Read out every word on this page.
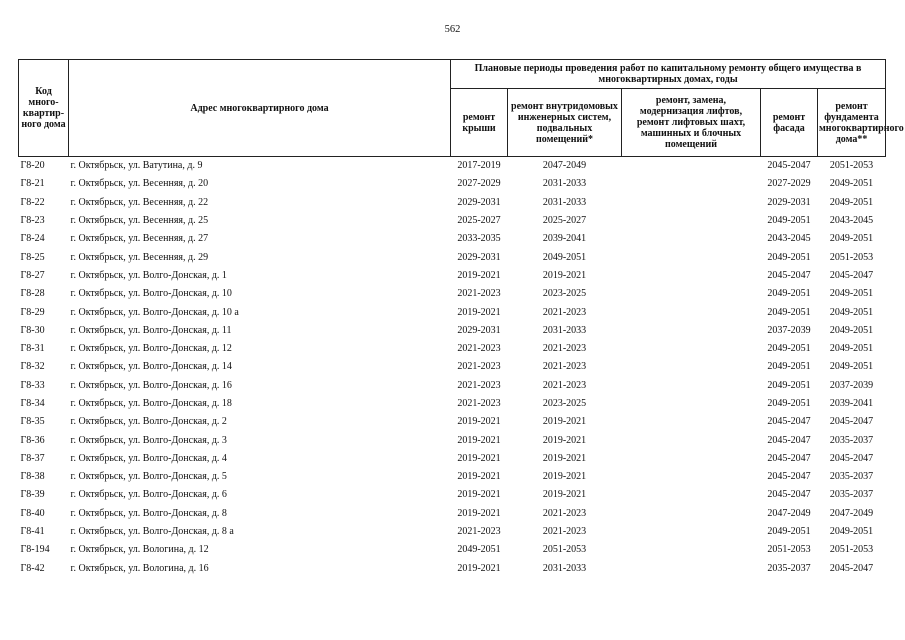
562
Код много-квартир-ного дома	Адрес многоквартирного дома	Плановые периоды проведения работ по капитальному ремонту общего имущества в многоквартирных домах, годы				
		ремонт крыши	ремонт внутридомовых инженерных систем, подвальных помещений*	ремонт, замена, модернизация лифтов, ремонт лифтовых шахт, машинных и блочных помещений	ремонт фасада	ремонт фундамента многоквартирного дома**
Г8-20	г. Октябрьск, ул. Ватутина, д. 9	2017-2019	2047-2049		2045-2047	2051-2053
Г8-21	г. Октябрьск, ул. Весенняя, д. 20	2027-2029	2031-2033		2027-2029	2049-2051
Г8-22	г. Октябрьск, ул. Весенняя, д. 22	2029-2031	2031-2033		2029-2031	2049-2051
Г8-23	г. Октябрьск, ул. Весенняя, д. 25	2025-2027	2025-2027		2049-2051	2043-2045
Г8-24	г. Октябрьск, ул. Весенняя, д. 27	2033-2035	2039-2041		2043-2045	2049-2051
Г8-25	г. Октябрьск, ул. Весенняя, д. 29	2029-2031	2049-2051		2049-2051	2051-2053
Г8-27	г. Октябрьск, ул. Волго-Донская, д. 1	2019-2021	2019-2021		2045-2047	2045-2047
Г8-28	г. Октябрьск, ул. Волго-Донская, д. 10	2021-2023	2023-2025		2049-2051	2049-2051
Г8-29	г. Октябрьск, ул. Волго-Донская, д. 10 а	2019-2021	2021-2023		2049-2051	2049-2051
Г8-30	г. Октябрьск, ул. Волго-Донская, д. 11	2029-2031	2031-2033		2037-2039	2049-2051
Г8-31	г. Октябрьск, ул. Волго-Донская, д. 12	2021-2023	2021-2023		2049-2051	2049-2051
Г8-32	г. Октябрьск, ул. Волго-Донская, д. 14	2021-2023	2021-2023		2049-2051	2049-2051
Г8-33	г. Октябрьск, ул. Волго-Донская, д. 16	2021-2023	2021-2023		2049-2051	2037-2039
Г8-34	г. Октябрьск, ул. Волго-Донская, д. 18	2021-2023	2023-2025		2049-2051	2039-2041
Г8-35	г. Октябрьск, ул. Волго-Донская, д. 2	2019-2021	2019-2021		2045-2047	2045-2047
Г8-36	г. Октябрьск, ул. Волго-Донская, д. 3	2019-2021	2019-2021		2045-2047	2035-2037
Г8-37	г. Октябрьск, ул. Волго-Донская, д. 4	2019-2021	2019-2021		2045-2047	2045-2047
Г8-38	г. Октябрьск, ул. Волго-Донская, д. 5	2019-2021	2019-2021		2045-2047	2035-2037
Г8-39	г. Октябрьск, ул. Волго-Донская, д. 6	2019-2021	2019-2021		2045-2047	2035-2037
Г8-40	г. Октябрьск, ул. Волго-Донская, д. 8	2019-2021	2021-2023		2047-2049	2047-2049
Г8-41	г. Октябрьск, ул. Волго-Донская, д. 8 а	2021-2023	2021-2023		2049-2051	2049-2051
Г8-194	г. Октябрьск, ул. Вологина, д. 12	2049-2051	2051-2053		2051-2053	2051-2053
Г8-42	г. Октябрьск, ул. Вологина, д. 16	2019-2021	2031-2033		2035-2037	2045-2047
